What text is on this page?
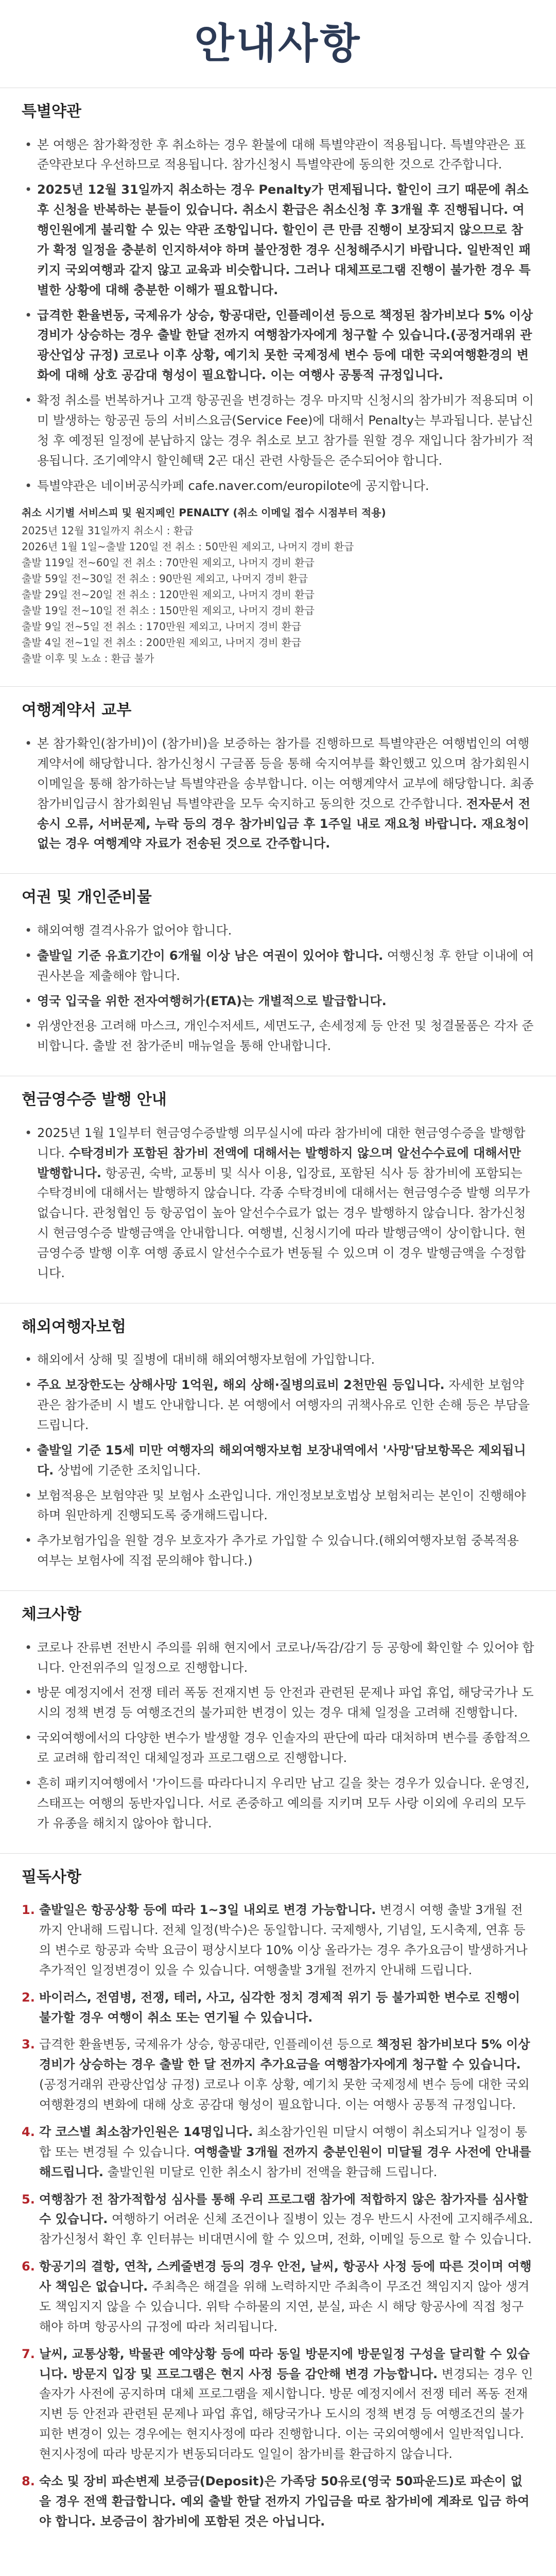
안내사항
특별약관
• 본 여행은 참가확정한 후 취소하는 경우 환불에 대해 특별약관이 적용됩니다. 특별약관은 표준약관보다 우선하므로 적용됩니다. 참가신청시 특별약관에 동의한 것으로 간주합니다.
• 2025년 12월 31일까지 취소하는 경우 Penalty가 면제됩니다. 할인이 크기 때문에 취소 후 신청을 반복하는 분들이 있습니다. 취소시 환급은 취소신청 후 3개월 후 진행됩니다. 여행인원에게 불리할 수 있는 약관 조항입니다. 할인이 큰 만큼 진행이 보장되지 않으므로 참가 확정 일정을 충분히 인지하셔야 하며 불안정한 경우 신청해주시기 바랍니다. 일반적인 패키지 국외여행과 같지 않고 교육과 비슷합니다. 그러나 대체프로그램 진행이 불가한 경우 특별한 상황에 대해 충분한 이해가 필요합니다.
• 급격한 환율변동, 국제유가 상승, 항공대란, 인플레이션 등으로 책정된 참가비보다 5% 이상 경비가 상승하는 경우 출발 한달 전까지 여행참가자에게 청구할 수 있습니다.(공정거래위 관광산업상 규정) 코로나 이후 상황, 예기치 못한 국제정세 변수 등에 대한 국외여행환경의 변화에 대해 상호 공감대 형성이 필요합니다. 이는 여행사 공통적 규정입니다.
• 확정 취소를 번복하거나 고객 항공권을 변경하는 경우 마지막 신청시의 참가비가 적용되며 이미 발생하는 항공권 등의 서비스요금(Service Fee)에 대해서 Penalty는 부과됩니다. 분납신청 후 예정된 일정에 분납하지 않는 경우 취소로 보고 참가를 원할 경우 재입니다 참가비가 적용됩니다. 조기예약시 할인혜택 2곤 대신 관련 사항들은 준수되어야 합니다.
• 특별약관은 네이버공식카페 cafe.naver.com/europilote에 공지합니다.
취소 시기별 서비스피 및 원지페인 PENALTY (취소 이메일 접수 시점부터 적용)

2025년 12월 31일까지 취소시 : 환급

2026년 1월 1일~출발 120일 전 취소 : 50만원 제외고, 나머지 경비 환급

출발 119일 전~60일 전 취소 : 70만원 제외고, 나머지 경비 환급

출발 59일 전~30일 전 취소 : 90만원 제외고, 나머지 경비 환급

출발 29일 전~20일 전 취소 : 120만원 제외고, 나머지 경비 환급

출발 19일 전~10일 전 취소 : 150만원 제외고, 나머지 경비 환급

출발 9일 전~5일 전 취소 : 170만원 제외고, 나머지 경비 환급

출발 4일 전~1일 전 취소 : 200만원 제외고, 나머지 경비 환급

출발 이후 및 노쇼 : 환급 불가

여행계약서 교부
• 본 참가확인(참가비)이 (참가비)을 보증하는 참가를 진행하므로 특별약관은 여행법인의 여행계약서에 해당합니다. 참가신청시 구글폼 등을 통해 숙지여부를 확인했고 있으며 참가회원시 이메일을 통해 참가하는날 특별약관을 송부합니다. 이는 여행계약서 교부에 해당합니다. 최종 참가비입금시 참가회원님 특별약관을 모두 숙지하고 동의한 것으로 간주합니다. 전자문서 전송시 오류, 서버문제, 누락 등의 경우 참가비입금 후 1주일 내로 재요청 바랍니다. 재요청이 없는 경우 여행계약 자료가 전송된 것으로 간주합니다.
여권 및 개인준비물
• 해외여행 결격사유가 없어야 합니다.
• 출발일 기준 유효기간이 6개월 이상 남은 여권이 있어야 합니다. 여행신청 후 한달 이내에 여권사본을 제출해야 합니다.
• 영국 입국을 위한 전자여행허가(ETA)는 개별적으로 발급합니다.
• 위생안전용 고려해 마스크, 개인수저세트, 세면도구, 손세정제 등 안전 및 청결물품은 각자 준비합니다. 출발 전 참가준비 매뉴얼을 통해 안내합니다.
현금영수증 발행 안내
• 2025년 1월 1일부터 현금영수증발행 의무실시에 따라 참가비에 대한 현금영수증을 발행합니다. 수탁경비가 포함된 참가비 전액에 대해서는 발행하지 않으며 알선수수료에 대해서만 발행합니다. 항공권, 숙박, 교통비 및 식사 이용, 입장료, 포함된 식사 등 참가비에 포함되는 수탁경비에 대해서는 발행하지 않습니다. 각종 수탁경비에 대해서는 현금영수증 발행 의무가 없습니다. 관청협인 등 항공업이 높아 알선수수료가 없는 경우 발행하지 않습니다. 참가신청시 현금영수증 발행금액을 안내합니다. 여행별, 신청시기에 따라 발행금액이 상이합니다. 현금영수증 발행 이후 여행 종료시 알선수수료가 변동될 수 있으며 이 경우 발행금액을 수정합니다.
해외여행자보험
• 해외에서 상해 및 질병에 대비해 해외여행자보험에 가입합니다.
• 주요 보장한도는 상해사망 1억원, 해외 상해·질병의료비 2천만원 등입니다. 자세한 보험약관은 참가준비 시 별도 안내합니다. 본 여행에서 여행자의 귀책사유로 인한 손해 등은 부담을 드립니다.
• 출발일 기준 15세 미만 여행자의 해외여행자보험 보장내역에서 '사망'담보항목은 제외됩니다. 상법에 기준한 조치입니다.
• 보험적용은 보험약관 및 보험사 소관입니다. 개인정보보호법상 보험처리는 본인이 진행해야 하며 원만하게 진행되도록 중개해드립니다.
• 추가보험가입을 원할 경우 보호자가 추가로 가입할 수 있습니다.(해외여행자보험 중복적용 여부는 보험사에 직접 문의해야 합니다.)
체크사항
• 코로나 잔류변 전반시 주의를 위해 현지에서 코로나/독감/감기 등 공항에 확인할 수 있어야 합니다. 안전위주의 일정으로 진행합니다.
• 방문 예정지에서 전쟁 테러 폭동 전재지변 등 안전과 관련된 문제나 파업 휴업, 해당국가나 도시의 정책 변경 등 여행조건의 불가피한 변경이 있는 경우 대체 일정을 고려해 진행합니다.
• 국외여행에서의 다양한 변수가 발생할 경우 인솔자의 판단에 따라 대처하며 변수를 종합적으로 교려해 합리적인 대체일정과 프로그램으로 진행합니다.
• 흔히 패키지여행에서 '가이드를 따라다니지 우리만 남고 길을 찾는 경우가 있습니다. 운영진, 스태프는 여행의 동반자입니다. 서로 존중하고 예의를 지키며 모두 사랑 이외에 우리의 모두가 유종을 해치지 않아야 합니다.
필독사항
1. 출발일은 항공상황 등에 따라 1~3일 내외로 변경 가능합니다. 변경시 여행 출발 3개월 전까지 안내해 드립니다. 전체 일정(박수)은 동일합니다. 국제행사, 기념일, 도시축제, 연휴 등의 변수로 항공과 숙박 요금이 평상시보다 10% 이상 올라가는 경우 추가요금이 발생하거나 추가적인 일정변경이 있을 수 있습니다. 여행출발 3개월 전까지 안내해 드립니다.
2. 바이러스, 전염병, 전쟁, 테러, 사고, 심각한 정치 경제적 위기 등 불가피한 변수로 진행이 불가할 경우 여행이 취소 또는 연기될 수 있습니다.
3. 급격한 환율변동, 국제유가 상승, 항공대란, 인플레이션 등으로 책정된 참가비보다 5% 이상 경비가 상승하는 경우 출발 한 달 전까지 추가요금을 여행참가자에게 청구할 수 있습니다. (공정거래위 관광산업상 규정) 코로나 이후 상황, 예기치 못한 국제정세 변수 등에 대한 국외여행환경의 변화에 대해 상호 공감대 형성이 필요합니다. 이는 여행사 공통적 규정입니다.
4. 각 코스별 최소참가인원은 14명입니다. 최소참가인원 미달시 여행이 취소되거나 일정이 통합 또는 변경될 수 있습니다. 여행출발 3개월 전까지 충분인원이 미달될 경우 사전에 안내를 해드립니다. 출발인원 미달로 인한 취소시 참가비 전액을 환급해 드립니다.
5. 여행참가 전 참가적합성 심사를 통해 우리 프로그램 참가에 적합하지 않은 참가자를 심사할 수 있습니다. 여행하기 어려운 신체 조건이나 질병이 있는 경우 반드시 사전에 고지해주세요. 참가신청서 확인 후 인터뷰는 비대면시에 할 수 있으며, 전화, 이메일 등으로 할 수 있습니다.
6. 항공기의 결항, 연착, 스케줄변경 등의 경우 안전, 날씨, 항공사 사정 등에 따른 것이며 여행사 책임은 없습니다. 주최측은 해결을 위해 노력하지만 주최측이 무조건 책임지지 않아 생겨도 책임지지 않을 수 있습니다. 위탁 수하물의 지연, 분실, 파손 시 해당 항공사에 직접 청구해야 하며 항공사의 규정에 따라 처리됩니다.
7. 날씨, 교통상황, 박물관 예약상황 등에 따라 동일 방문지에 방문일정 구성을 달리할 수 있습니다. 방문지 입장 및 프로그램은 현지 사정 등을 감안해 변경 가능합니다. 변경되는 경우 인솔자가 사전에 공지하며 대체 프로그램을 제시합니다. 방문 예정지에서 전쟁 테러 폭동 전재지변 등 안전과 관련된 문제나 파업 휴업, 해당국가나 도시의 정책 변경 등 여행조건의 불가피한 변경이 있는 경우에는 현지사정에 따라 진행합니다. 이는 국외여행에서 일반적입니다. 현지사정에 따라 방문지가 변동되더라도 일일이 참가비를 환급하지 않습니다.
8. 숙소 및 장비 파손변제 보증금(Deposit)은 가족당 50유로(영국 50파운드)로 파손이 없을 경우 전액 환급합니다. 예외 출발 한달 전까지 가입금을 따로 참가비에 계좌로 입금 하여야 합니다. 보증금이 참가비에 포함된 것은 아닙니다.
